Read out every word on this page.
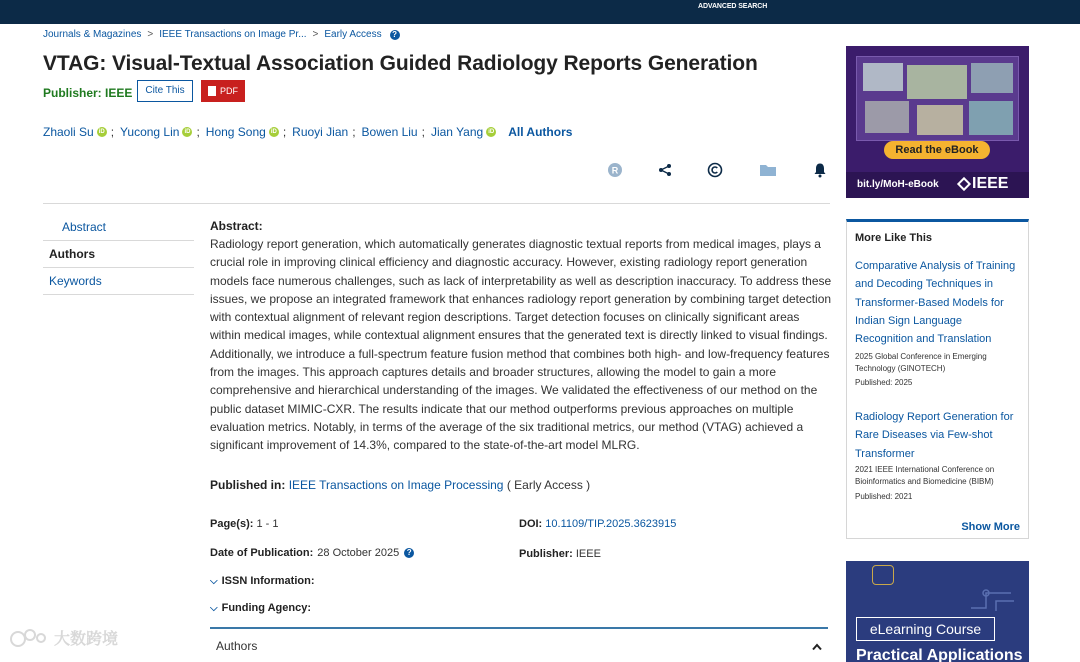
ADVANCED SEARCH
Journals & Magazines > IEEE Transactions on Image Pr... > Early Access	?
VTAG: Visual-Textual Association Guided Radiology Reports Generation
Publisher: IEEE	Cite This	PDF
Zhaoli Su iD ; Yucong Lin iD ; Hong Song iD ; Ruoyi Jian ; Bowen Liu ; Jian Yang iD All Authors
R
Abstract
Authors
Keywords
Abstract:

Radiology report generation, which automatically generates diagnostic textual reports from medical images, plays a crucial role in improving clinical efficiency and diagnostic accuracy. However, existing radiology report generation models face numerous challenges, such as lack of interpretability as well as description inaccuracy. To address these issues, we propose an integrated framework that enhances radiology report generation by combining target detection with contextual alignment of relevant region descriptions. Target detection focuses on clinically significant areas within medical images, while contextual alignment ensures that the generated text is directly linked to visual findings. Additionally, we introduce a full-spectrum feature fusion method that combines both high- and low-frequency features from the images. This approach captures details and broader structures, allowing the model to gain a more comprehensive and hierarchical understanding of the images. We validated the effectiveness of our method on the public dataset MIMIC-CXR. The results indicate that our method outperforms previous approaches on multiple evaluation metrics. Notably, in terms of the average of the six traditional metrics, our method (VTAG) achieved a significant improvement of 14.3%, compared to the state-of-the-art model MLRG.

Published in: IEEE Transactions on Image Processing ( Early Access )
Page(s): 1 - 1	DOI: 10.1109/TIP.2025.3623915
Date of Publication: 28 October 2025 ?	Publisher: IEEE
⌵ ISSN Information:
⌵ Funding Agency:
Authors
大数跨境
Read the eBook
bit.ly/MoH-eBook IEEE
More Like This
Comparative Analysis of Training and Decoding Techniques in Transformer-Based Models for Indian Sign Language Recognition and Translation
2025 Global Conference in Emerging Technology (GINOTECH)
Published: 2025
Radiology Report Generation for Rare Diseases via Few-shot Transformer
2021 IEEE International Conference on Bioinformatics and Biomedicine (BIBM)
Published: 2021
Show More
eLearning Course
Practical Applications
